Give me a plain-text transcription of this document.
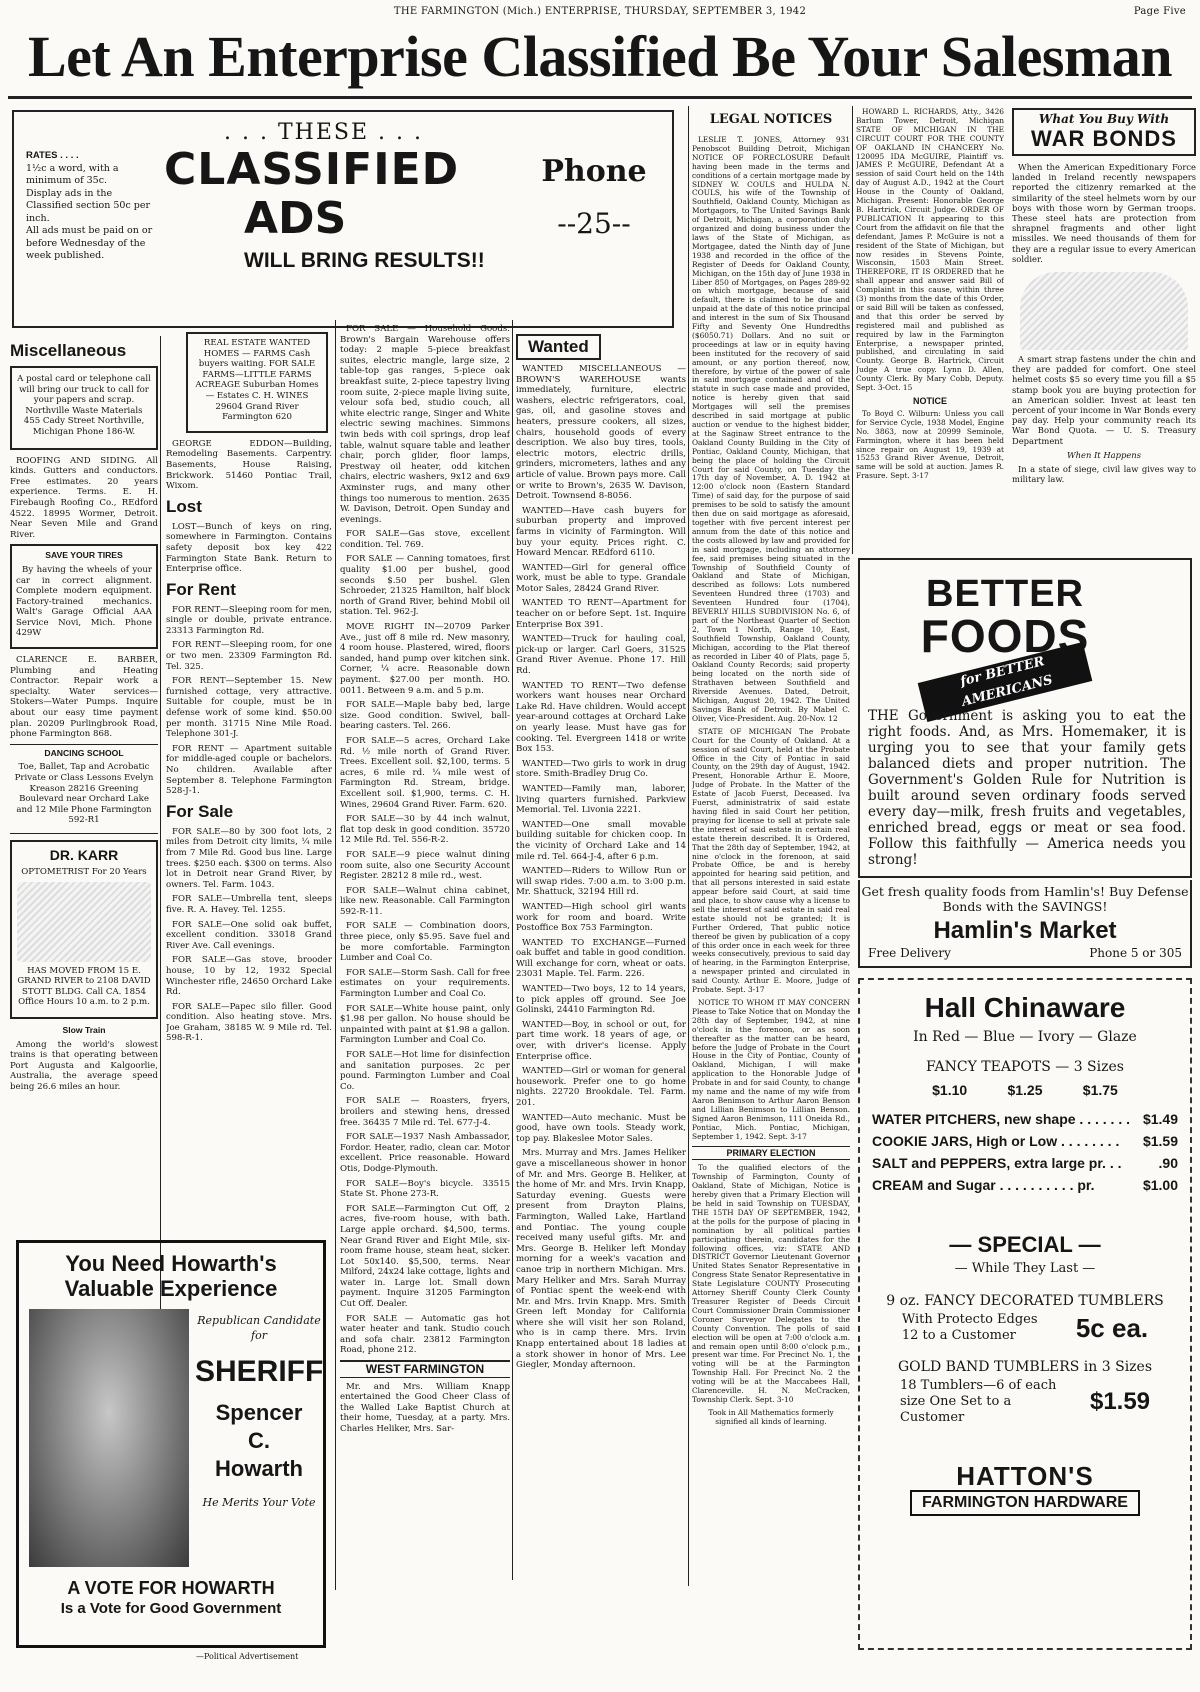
THE FARMINGTON (Mich.) ENTERPRISE, THURSDAY, SEPTEMBER 3, 1942	Page Five
Let An Enterprise Classified Be Your Salesman
RATES . . . .
1½c a word, with a minimum of 35c.
Display ads in the Classified section 50c per inch.
All ads must be paid on or before Wednesday of the week published.
. . . THESE . . .
CLASSIFIED
ADS
WILL BRING RESULTS!!
Phone
--25--

Miscellaneous

A postal card or telephone call will bring our truck to call for your papers and scrap. Northville Waste Materials 455 Cady Street Northville, Michigan Phone 186-W.

ROOFING AND SIDING. All kinds. Gutters and conductors. Free estimates. 20 years experience. Terms. E. H. Firebaugh Roofing Co., REdford 4522. 18995 Wormer, Detroit. Near Seven Mile and Grand River.

SAVE YOUR TIRES

By having the wheels of your car in correct alignment. Complete modern equipment. Factory-trained mechanics. Walt's Garage Official AAA Service Novi, Mich. Phone 429W

CLARENCE E. BARBER, Plumbing and Heating Contractor. Repair work a specialty. Water services—Stokers—Water Pumps. Inquire about our easy time payment plan. 20209 Purlingbrook Road, phone Farmington 868.

DANCING SCHOOL

Toe, Ballet, Tap and Acrobatic Private or Class Lessons Evelyn Kreason 28216 Greening Boulevard near Orchard Lake and 12 Mile Phone Farmington 592-R1

DR. KARR

OPTOMETRIST For 20 Years

HAS MOVED FROM 15 E. GRAND RIVER to 2108 DAVID STOTT BLDG. Call CA. 1854 Office Hours 10 a.m. to 2 p.m.

Slow Train

Among the world's slowest trains is that operating between Port Augusta and Kalgoorlie, Australia, the average speed being 26.6 miles an hour.

You Need Howarth's
Valuable Experience
Republican Candidate for
SHERIFF
Spencer
C.
Howarth
He Merits Your Vote
A VOTE FOR HOWARTH
Is a Vote for Good Government
—Political Advertisement

REAL ESTATE WANTED HOMES — FARMS Cash buyers waiting. FOR SALE FARMS—LITTLE FARMS ACREAGE Suburban Homes — Estates C. H. WINES 29604 Grand River Farmington 620

GEORGE EDDON—Building, Remodeling Basements. Carpentry. Basements, House Raising, Brickwork. 51460 Pontiac Trail, Wixom.

Lost

LOST—Bunch of keys on ring, somewhere in Farmington. Contains safety deposit box key 422 Farmington State Bank. Return to Enterprise office.

For Rent

FOR RENT—Sleeping room for men, single or double, private entrance. 23313 Farmington Rd.

FOR RENT—Sleeping room, for one or two men. 23309 Farmington Rd. Tel. 325.

FOR RENT—September 15. New furnished cottage, very attractive. Suitable for couple, must be in defense work of some kind. $50.00 per month. 31715 Nine Mile Road. Telephone 301-J.

FOR RENT — Apartment suitable for middle-aged couple or bachelors. No children. Available after September 8. Telephone Farmington 528-J-1.

For Sale

FOR SALE—80 by 300 foot lots, 2 miles from Detroit city limits, ¼ mile from 7 Mile Rd. Good bus line. Large trees. $250 each. $300 on terms. Also lot in Detroit near Grand River, by owners. Tel. Farm. 1043.

FOR SALE—Umbrella tent, sleeps five. R. A. Havey. Tel. 1255.

FOR SALE—One solid oak buffet, excellent condition. 33018 Grand River Ave. Call evenings.

FOR SALE—Gas stove, brooder house, 10 by 12, 1932 Special Winchester rifle, 24650 Orchard Lake Rd.

FOR SALE—Papec silo filler. Good condition. Also heating stove. Mrs. Joe Graham, 38185 W. 9 Mile rd. Tel. 598-R-1.

FOR SALE — Household Goods. Brown's Bargain Warehouse offers today: 2 maple 5-piece breakfast suites, electric mangle, large size, 2 table-top gas ranges, 5-piece oak breakfast suite, 2-piece tapestry living room suite, 2-piece maple living suite, velour sofa bed, studio couch, all white electric range, Singer and White electric sewing machines. Simmons twin beds with coil springs, drop leaf table, walnut square table and leather chair, porch glider, floor lamps, Prestway oil heater, odd kitchen chairs, electric washers, 9x12 and 6x9 Axminster rugs, and many other things too numerous to mention. 2635 W. Davison, Detroit. Open Sunday and evenings.

FOR SALE—Gas stove, excellent condition. Tel. 769.

FOR SALE — Canning tomatoes, first quality $1.00 per bushel, good seconds $.50 per bushel. Glen Schroeder, 21325 Hamilton, half block north of Grand River, behind Mobil oil station. Tel. 962-J.

MOVE RIGHT IN—20709 Parker Ave., just off 8 mile rd. New masonry, 4 room house. Plastered, wired, floors sanded, hand pump over kitchen sink. Corner, ¼ acre. Reasonable down payment. $27.00 per month. HO. 0011. Between 9 a.m. and 5 p.m.

FOR SALE—Maple baby bed, large size. Good condition. Swivel, ball-bearing casters. Tel. 266.

FOR SALE—5 acres, Orchard Lake Rd. ½ mile north of Grand River. Trees. Excellent soil. $2,100, terms. 5 acres, 6 mile rd. ¼ mile west of Farmington Rd. Stream, bridge. Excellent soil. $1,900, terms. C. H. Wines, 29604 Grand River. Farm. 620.

FOR SALE—30 by 44 inch walnut, flat top desk in good condition. 35720 12 Mile Rd. Tel. 556-R-2.

FOR SALE—9 piece walnut dining room suite, also one Security Account Register. 28212 8 mile rd., west.

FOR SALE—Walnut china cabinet, like new. Reasonable. Call Farmington 592-R-11.

FOR SALE — Combination doors, three piece, only $5.95. Save fuel and be more comfortable. Farmington Lumber and Coal Co.

FOR SALE—Storm Sash. Call for free estimates on your requirements. Farmington Lumber and Coal Co.

FOR SALE—White house paint, only $1.98 per gallon. No house should be unpainted with paint at $1.98 a gallon. Farmington Lumber and Coal Co.

FOR SALE—Hot lime for disinfection and sanitation purposes. 2c per pound. Farmington Lumber and Coal Co.

FOR SALE — Roasters, fryers, broilers and stewing hens, dressed free. 36435 7 Mile rd. Tel. 677-J-4.

FOR SALE—1937 Nash Ambassador, Fordor. Heater, radio, clean car. Motor excellent. Price reasonable. Howard Otis, Dodge-Plymouth.

FOR SALE—Boy's bicycle. 33515 State St. Phone 273-R.

FOR SALE—Farmington Cut Off, 2 acres, five-room house, with bath. Large apple orchard. $4,500, terms. Near Grand River and Eight Mile, six-room frame house, steam heat, sicker. Lot 50x140. $5,500, terms. Near Milford, 24x24 lake cottage, lights and water in. Large lot. Small down payment. Inquire 31205 Farmington Cut Off. Dealer.

FOR SALE — Automatic gas hot water heater and tank. Studio couch and sofa chair. 23812 Farmington Road, phone 212.

WEST FARMINGTON

Mr. and Mrs. William Knapp entertained the Good Cheer Class of the Walled Lake Baptist Church at their home, Tuesday, at a party. Mrs. Charles Heliker, Mrs. Sar-

Wanted

WANTED MISCELLANEOUS — BROWN'S WAREHOUSE wants immediately, furniture, electric washers, electric refrigerators, coal, gas, oil, and gasoline stoves and heaters, pressure cookers, all sizes, chairs, household goods of every description. We also buy tires, tools, electric motors, electric drills, grinders, micrometers, lathes and any article of value. Brown pays more. Call or write to Brown's, 2635 W. Davison, Detroit. Townsend 8-8056.

WANTED—Have cash buyers for suburban property and improved farms in vicinity of Farmington. Will buy your equity. Prices right. C. Howard Mencar. REdford 6110.

WANTED—Girl for general office work, must be able to type. Grandale Motor Sales, 28424 Grand River.

WANTED TO RENT—Apartment for teacher on or before Sept. 1st. Inquire Enterprise Box 391.

WANTED—Truck for hauling coal, pick-up or larger. Carl Goers, 31525 Grand River Avenue. Phone 17. Hill Rd.

WANTED TO RENT—Two defense workers want houses near Orchard Lake Rd. Have children. Would accept year-around cottages at Orchard Lake on yearly lease. Must have gas for cooking. Tel. Evergreen 1418 or write Box 153.

WANTED—Two girls to work in drug store. Smith-Bradley Drug Co.

WANTED—Family man, laborer, living quarters furnished. Parkview Memorial. Tel. Livonia 2221.

WANTED—One small movable building suitable for chicken coop. In the vicinity of Orchard Lake and 14 mile rd. Tel. 664-J-4, after 6 p.m.

WANTED—Riders to Willow Run or will swap rides. 7:00 a.m. to 3:00 p.m. Mr. Shattuck, 32194 Hill rd.

WANTED—High school girl wants work for room and board. Write Postoffice Box 753 Farmington.

WANTED TO EXCHANGE—Furned oak buffet and table in good condition. Will exchange for corn, wheat or oats. 23031 Maple. Tel. Farm. 226.

WANTED—Two boys, 12 to 14 years, to pick apples off ground. See Joe Golinski, 24410 Farmington Rd.

WANTED—Boy, in school or out, for part time work. 18 years of age, or over, with driver's license. Apply Enterprise office.

WANTED—Girl or woman for general housework. Prefer one to go home nights. 22720 Brookdale. Tel. Farm. 201.

WANTED—Auto mechanic. Must be good, have own tools. Steady work, top pay. Blakeslee Motor Sales.

Mrs. Murray and Mrs. James Heliker gave a miscellaneous shower in honor of Mr. and Mrs. George B. Heliker, at the home of Mr. and Mrs. Irvin Knapp, Saturday evening. Guests were present from Drayton Plains, Farmington, Walled Lake, Hartland and Pontiac. The young couple received many useful gifts. Mr. and Mrs. George B. Heliker left Monday morning for a week's vacation and canoe trip in northern Michigan. Mrs. Mary Heliker and Mrs. Sarah Murray of Pontiac spent the week-end with Mr. and Mrs. Irvin Knapp. Mrs. Smith Green left Monday for California where she will visit her son Roland, who is in camp there. Mrs. Irvin Knapp entertained about 18 ladies at a stork shower in honor of Mrs. Lee Giegler, Monday afternoon.

LEGAL NOTICES

LESLIE T. JONES, Attorney 931 Penobscot Building Detroit, Michigan NOTICE OF FORECLOSURE Default having been made in the terms and conditions of a certain mortgage made by SIDNEY W. COULS and HULDA N. COULS, his wife of the Township of Southfield, Oakland County, Michigan as Mortgagors, to The United Savings Bank of Detroit, Michigan, a corporation duly organized and doing business under the laws of the State of Michigan, as Mortgagee, dated the Ninth day of June 1938 and recorded in the office of the Register of Deeds for Oakland County, Michigan, on the 15th day of June 1938 in Liber 850 of Mortgages, on Pages 289-92 on which mortgage, because of said default, there is claimed to be due and unpaid at the date of this notice principal and interest in the sum of Six Thousand Fifty and Seventy One Hundredths ($6050.71) Dollars. And no suit or proceedings at law or in equity having been instituted for the recovery of said amount, or any portion thereof, now, therefore, by virtue of the power of sale in said mortgage contained and of the statute in such case made and provided, notice is hereby given that said Mortgages will sell the premises described in said mortgage at public auction or vendue to the highest bidder, at the Saginaw Street entrance to the Oakland County Building in the City of Pontiac, Oakland County, Michigan, that being the place of holding the Circuit Court for said County, on Tuesday the 17th day of November, A. D. 1942 at 12:00 o'clock noon (Eastern Standard Time) of said day, for the purpose of said premises to be sold to satisfy the amount then due on said mortgage as aforesaid, together with five percent interest per annum from the date of this notice and the costs allowed by law and provided for in said mortgage, including an attorney fee, said premises being situated in the Township of Southfield County of Oakland and State of Michigan, described as follows: Lots numbered Seventeen Hundred three (1703) and Seventeen Hundred four (1704), BEVERLY HILLS SUBDIVISION No. 6, of part of the Northeast Quarter of Section 2, Town 1 North, Range 10, East, Southfield Township, Oakland County, Michigan, according to the Plat thereof as recorded in Liber 40 of Plats, page 5, Oakland County Records; said property being located on the north side of Strathaven between Southfield and Riverside Avenues. Dated, Detroit, Michigan, August 20, 1942. The United Savings Bank of Detroit. By Mabel C. Oliver, Vice-President. Aug. 20-Nov. 12

STATE OF MICHIGAN The Probate Court for the County of Oakland. At a session of said Court, held at the Probate Office in the City of Pontiac in said County, on the 29th day of August, 1942. Present, Honorable Arthur E. Moore, Judge of Probate. In the Matter of the Estate of Jacob Fuerst, Deceased. Iva Fuerst, administratrix of said estate having filed in said Court her petition, praying for license to sell at private sale the interest of said estate in certain real estate therein described. It is Ordered, That the 28th day of September, 1942, at nine o'clock in the forenoon, at said Probate Office, be and is hereby appointed for hearing said petition, and that all persons interested in said estate appear before said Court, at said time and place, to show cause why a license to sell the interest of said estate in said real estate should not be granted; It is Further Ordered, That public notice thereof be given by publication of a copy of this order once in each week for three weeks consecutively, previous to said day of hearing, in the Farmington Enterprise, a newspaper printed and circulated in said County. Arthur E. Moore, Judge of Probate. Sept. 3-17

NOTICE TO WHOM IT MAY CONCERN Please to Take Notice that on Monday the 28th day of September, 1942, at nine o'clock in the forenoon, or as soon thereafter as the matter can be heard, before the Judge of Probate in the Court House in the City of Pontiac, County of Oakland, Michigan, I will make application to the Honorable Judge of Probate in and for said County, to change my name and the name of my wife from Aaron Benimson to Arthur Aaron Benson and Lillian Benimson to Lillian Benson. Signed Aaron Benimson, 111 Oneida Rd., Pontiac, Mich. Pontiac, Michigan, September 1, 1942. Sept. 3-17

PRIMARY ELECTION

To the qualified electors of the Township of Farmington, County of Oakland, State of Michigan, Notice is hereby given that a Primary Election will be held in said Township on TUESDAY, THE 15TH DAY OF SEPTEMBER, 1942, at the polls for the purpose of placing in nomination by all political parties participating therein, candidates for the following offices, viz: STATE AND DISTRICT Governor Lieutenant Governor United States Senator Representative in Congress State Senator Representative in State Legislature COUNTY Prosecuting Attorney Sheriff County Clerk County Treasurer Register of Deeds Circuit Court Commissioner Drain Commissioner Coroner Surveyor Delegates to the County Convention. The polls of said election will be open at 7:00 o'clock a.m. and remain open until 8:00 o'clock p.m., present war time. For Precinct No. 1, the voting will be at the Farmington Township Hall. For Precinct No. 2 the voting will be at the Maccabees Hall, Clarenceville. H. N. McCracken, Township Clerk. Sept. 3-10

Took in All Mathematics formerly signified all kinds of learning.

HOWARD L. RICHARDS, Atty., 3426 Barlum Tower, Detroit, Michigan STATE OF MICHIGAN IN THE CIRCUIT COURT FOR THE COUNTY OF OAKLAND IN CHANCERY No. 120095 IDA McGUIRE, Plaintiff vs. JAMES P. McGUIRE, Defendant At a session of said Court held on the 14th day of August A.D., 1942 at the Court House in the County of Oakland, Michigan. Present: Honorable George B. Hartrick, Circuit Judge. ORDER OF PUBLICATION It appearing to this Court from the affidavit on file that the defendant, James P. McGuire is not a resident of the State of Michigan, but now resides in Stevens Pointe, Wisconsin, 1503 Main Street. THEREFORE, IT IS ORDERED that he shall appear and answer said Bill of Complaint in this cause, within three (3) months from the date of this Order, or said Bill will be taken as confessed, and that this order be served by registered mail and published as required by law in the Farmington Enterprise, a newspaper printed, published, and circulating in said County. George B. Hartrick, Circuit Judge A true copy. Lynn D. Allen, County Clerk. By Mary Cobb, Deputy. Sept. 3-Oct. 15

NOTICE

To Boyd C. Wilburn: Unless you call for Service Cycle, 1938 Model, Engine No. 3863, now at 20999 Seminole, Farmington, where it has been held since repair on August 19, 1939 at 15253 Grand River Avenue, Detroit, same will be sold at auction. James R. Frasure. Sept. 3-17

What You Buy With
WAR BONDS

When the American Expeditionary Force landed in Ireland recently newspapers reported the citizenry remarked at the similarity of the steel helmets worn by our boys with those worn by German troops. These steel hats are protection from shrapnel fragments and other light missiles. We need thousands of them for they are a regular issue to every American soldier.

A smart strap fastens under the chin and they are padded for comfort. One steel helmet costs $5 so every time you fill a $5 stamp book you are buying protection for an American soldier. Invest at least ten percent of your income in War Bonds every pay day. Help your community reach its War Bond Quota. — U. S. Treasury Department

When It Happens

In a state of siege, civil law gives way to military law.

BETTER
FOODS
for BETTER AMERICANS
THE Government is asking you to eat the right foods. And, as Mrs. Homemaker, it is urging you to see that your family gets balanced diets and proper nutrition. The Government's Golden Rule for Nutrition is built around seven ordinary foods served every day—milk, fresh fruits and vegetables, enriched bread, eggs or meat or sea food. Follow this faithfully — America needs you strong!
Get fresh quality foods from Hamlin's! Buy Defense Bonds with the SAVINGS!
Hamlin's Market
Free Delivery	Phone 5 or 305
Hall Chinaware
In Red — Blue — Ivory — Glaze
FANCY TEAPOTS — 3 Sizes
$1.10	$1.25	$1.75
WATER PITCHERS, new shape . . . . . . . $1.49
COOKIE JARS, High or Low . . . . . . . . $1.59
SALT and PEPPERS, extra large pr. . .	.90
CREAM and Sugar . . . . . . . . . . pr.	$1.00
— SPECIAL —
— While They Last —
9 oz. FANCY DECORATED TUMBLERS
With Protecto Edges 12 to a Customer	5c ea.
GOLD BAND TUMBLERS in 3 Sizes
18 Tumblers—6 of each size One Set to a Customer
$1.59
HATTON'S
FARMINGTON HARDWARE
